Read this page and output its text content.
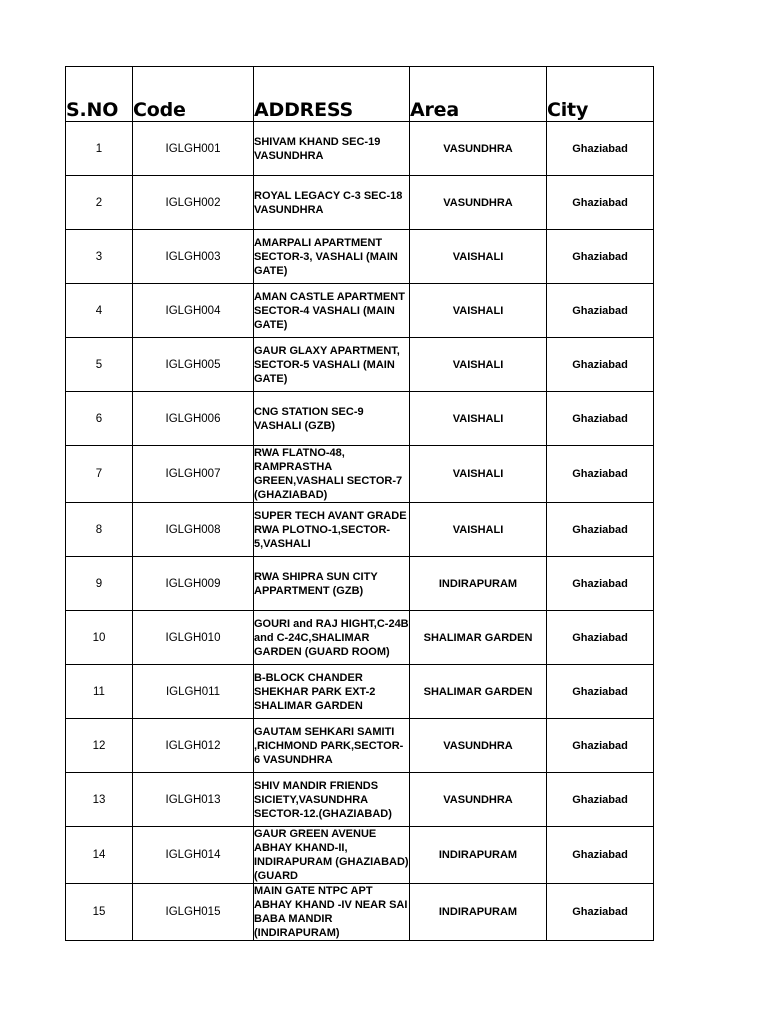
S.NO	Code	ADDRESS	Area	City
1	IGLGH001	SHIVAM KHAND SEC-19 VASUNDHRA	VASUNDHRA	Ghaziabad
2	IGLGH002	ROYAL LEGACY C-3 SEC-18 VASUNDHRA	VASUNDHRA	Ghaziabad
3	IGLGH003	AMARPALI APARTMENT SECTOR-3, VASHALI (MAIN GATE)	VAISHALI	Ghaziabad
4	IGLGH004	AMAN CASTLE APARTMENT SECTOR-4 VASHALI (MAIN GATE)	VAISHALI	Ghaziabad
5	IGLGH005	GAUR GLAXY APARTMENT, SECTOR-5 VASHALI (MAIN GATE)	VAISHALI	Ghaziabad
6	IGLGH006	CNG STATION SEC-9 VASHALI (GZB)	VAISHALI	Ghaziabad
7	IGLGH007	RWA FLATNO-48, RAMPRASTHA GREEN,VASHALI SECTOR-7 (GHAZIABAD)	VAISHALI	Ghaziabad
8	IGLGH008	SUPER TECH AVANT GRADE RWA PLOTNO-1,SECTOR-5,VASHALI	VAISHALI	Ghaziabad
9	IGLGH009	RWA SHIPRA SUN CITY APPARTMENT (GZB)	INDIRAPURAM	Ghaziabad
10	IGLGH010	GOURI and RAJ HIGHT,C-24B and C-24C,SHALIMAR GARDEN (GUARD ROOM)	SHALIMAR GARDEN	Ghaziabad
11	IGLGH011	B-BLOCK CHANDER SHEKHAR PARK EXT-2 SHALIMAR GARDEN	SHALIMAR GARDEN	Ghaziabad
12	IGLGH012	GAUTAM SEHKARI SAMITI ,RICHMOND PARK,SECTOR-6 VASUNDHRA	VASUNDHRA	Ghaziabad
13	IGLGH013	SHIV MANDIR FRIENDS SICIETY,VASUNDHRA SECTOR-12.(GHAZIABAD)	VASUNDHRA	Ghaziabad
14	IGLGH014	GAUR GREEN AVENUE ABHAY KHAND-II, INDIRAPURAM (GHAZIABAD) (GUARD	INDIRAPURAM	Ghaziabad
15	IGLGH015	MAIN GATE NTPC APT ABHAY KHAND -IV NEAR SAI BABA MANDIR (INDIRAPURAM)	INDIRAPURAM	Ghaziabad
